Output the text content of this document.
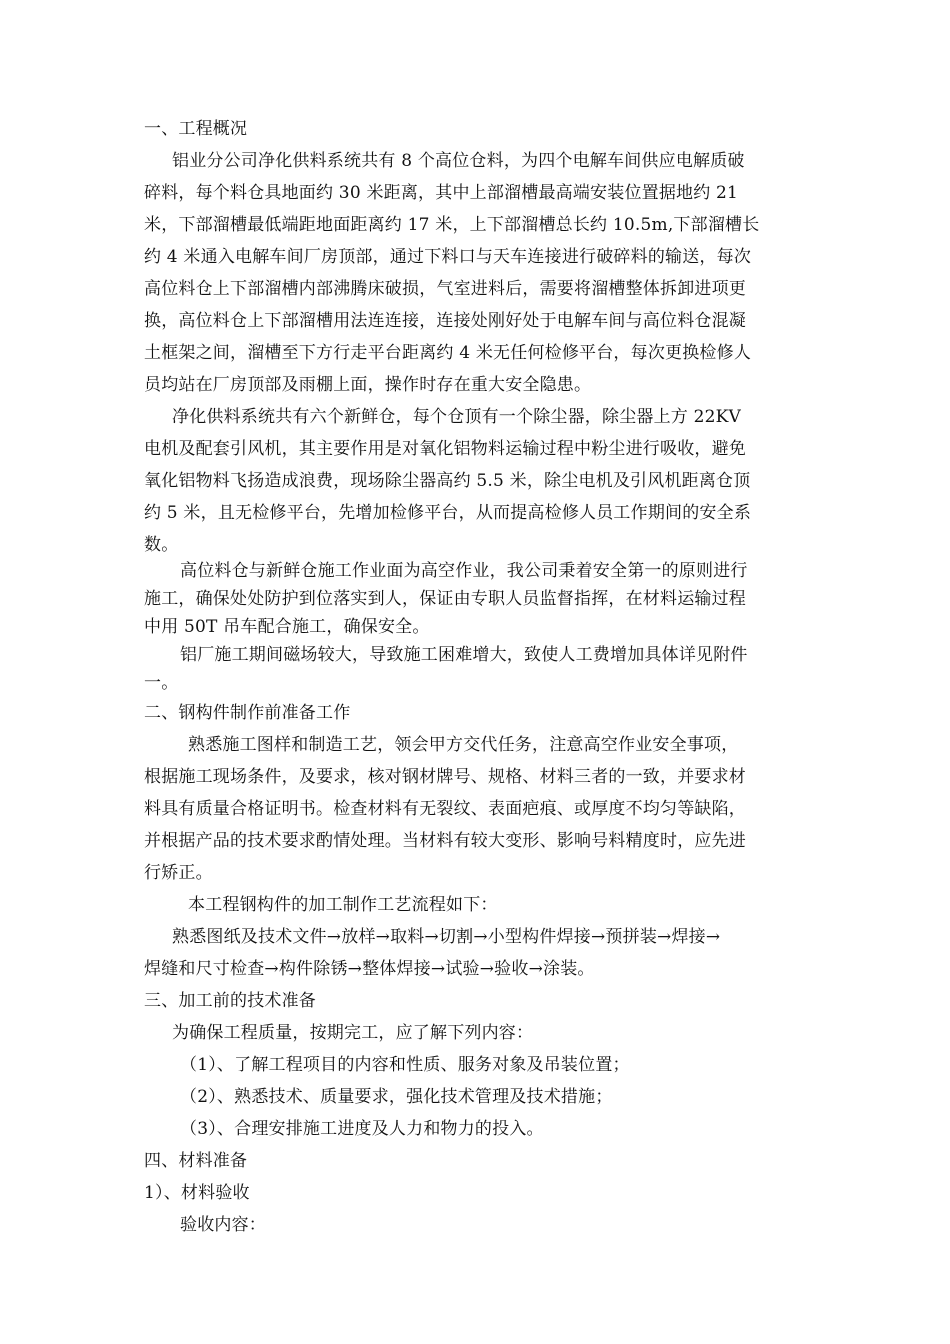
一、工程概况
铝业分公司净化供料系统共有 8 个高位仓料，为四个电解车间供应电解质破
碎料，每个料仓具地面约 30 米距离，其中上部溜槽最高端安装位置据地约 21
米，下部溜槽最低端距地面距离约 17 米，上下部溜槽总长约 10.5m,下部溜槽长
约 4 米通入电解车间厂房顶部，通过下料口与天车连接进行破碎料的输送，每次
高位料仓上下部溜槽内部沸腾床破损，气室进料后，需要将溜槽整体拆卸进项更
换，高位料仓上下部溜槽用法连连接，连接处刚好处于电解车间与高位料仓混凝
土框架之间，溜槽至下方行走平台距离约 4 米无任何检修平台，每次更换检修人
员均站在厂房顶部及雨棚上面，操作时存在重大安全隐患。
净化供料系统共有六个新鲜仓，每个仓顶有一个除尘器，除尘器上方 22KV
电机及配套引风机，其主要作用是对氧化铝物料运输过程中粉尘进行吸收，避免
氧化铝物料飞扬造成浪费，现场除尘器高约 5.5 米，除尘电机及引风机距离仓顶
约 5 米，且无检修平台，先增加检修平台，从而提高检修人员工作期间的安全系
数。
高位料仓与新鲜仓施工作业面为高空作业，我公司秉着安全第一的原则进行
施工，确保处处防护到位落实到人，保证由专职人员监督指挥，在材料运输过程
中用 50T 吊车配合施工，确保安全。
铝厂施工期间磁场较大，导致施工困难增大，致使人工费增加具体详见附件
一。
二、钢构件制作前准备工作
熟悉施工图样和制造工艺，领会甲方交代任务，注意高空作业安全事项，
根据施工现场条件，及要求，核对钢材牌号、规格、材料三者的一致，并要求材
料具有质量合格证明书。检查材料有无裂纹、表面疤痕、或厚度不均匀等缺陷，
并根据产品的技术要求酌情处理。当材料有较大变形、影响号料精度时，应先进
行矫正。
本工程钢构件的加工制作工艺流程如下：
熟悉图纸及技术文件→放样→取料→切割→小型构件焊接→预拼装→焊接→
焊缝和尺寸检查→构件除锈→整体焊接→试验→验收→涂装。
三、加工前的技术准备
为确保工程质量，按期完工，应了解下列内容：
（1）、了解工程项目的内容和性质、服务对象及吊装位置；
（2）、熟悉技术、质量要求，强化技术管理及技术措施；
（3）、合理安排施工进度及人力和物力的投入。
四、材料准备
1）、材料验收
验收内容：
